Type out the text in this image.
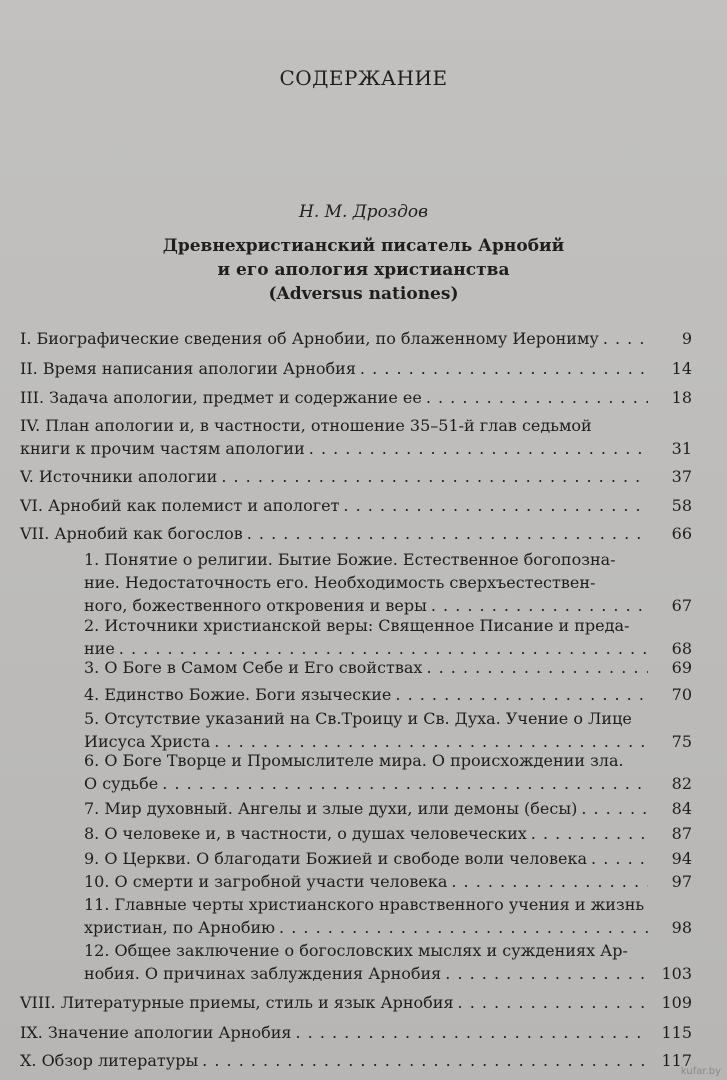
СОДЕРЖАНИЕ
Н. М. Дроздов
Древнехристианский писатель Арнобий
и его апология христианства
(Adversus nationes)
I. Биографические сведения об Арнобии, по блаженному Иерониму . . .	9
II. Время написания апологии Арнобия . . .	14
III. Задача апологии, предмет и содержание ее . . .	18
IV. План апологии и, в частности, отношение 35–51-й глав седьмой
книги к прочим частям апологии . . .	31
V. Источники апологии . . .	37
VI. Арнобий как полемист и апологет . . .	58
VII. Арнобий как богослов . . .	66
1. Понятие о религии. Бытие Божие. Естественное богопозна-
ние. Недостаточность его. Необходимость сверхъестествен-
ного, божественного откровения и веры . . .	67
2. Источники христианской веры: Священное Писание и преда-
ние . . .	68
3. О Боге в Самом Себе и Его свойствах . . .	69
4. Единство Божие. Боги языческие . . .	70
5. Отсутствие указаний на Св.Троицу и Св. Духа. Учение о Лице
Иисуса Христа . . .	75
6. О Боге Творце и Промыслителе мира. О происхождении зла.
О судьбе . . .	82
7. Мир духовный. Ангелы и злые духи, или демоны (бесы) . . .	84
8. О человеке и, в частности, о душах человеческих . . .	87
9. О Церкви. О благодати Божией и свободе воли человека . . .	94
10. О смерти и загробной участи человека . . .	97
11. Главные черты христианского нравственного учения и жизнь
христиан, по Арнобию . . .	98
12. Общее заключение о богословских мыслях и суждениях Ар-
нобия. О причинах заблуждения Арнобия . . .	103
VIII. Литературные приемы, стиль и язык Арнобия . . .	109
IX. Значение апологии Арнобия . . .	115
X. Обзор литературы . . .	117
kufar.by
